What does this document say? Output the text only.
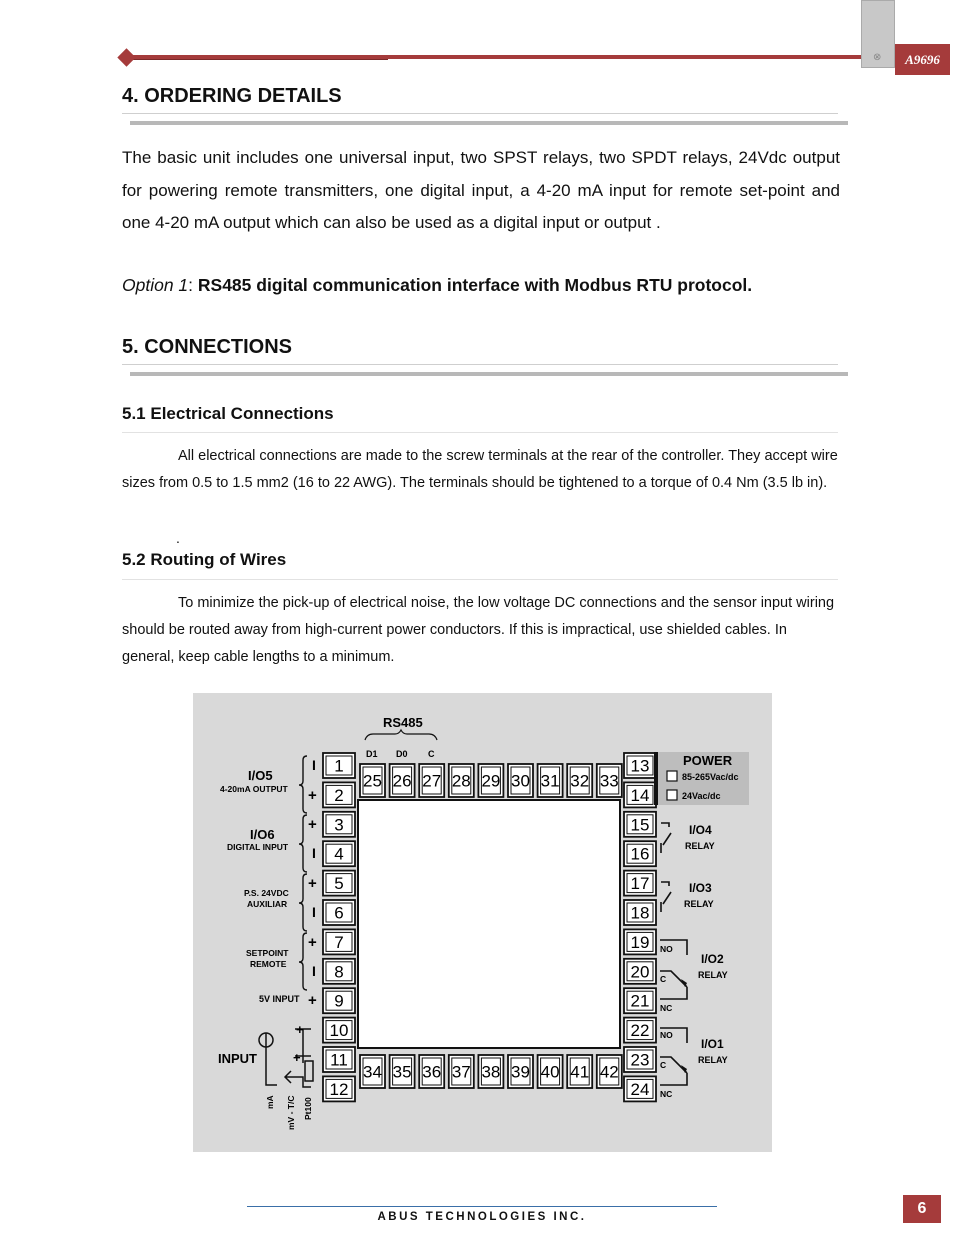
⊗	A9696
4. ORDERING DETAILS
The basic unit includes one universal input, two SPST relays, two SPDT relays, 24Vdc output for powering remote transmitters, one digital input, a 4-20 mA input for remote set-point and one 4-20 mA output which can also be used as a digital input or output .
Option 1: RS485 digital communication interface with Modbus RTU protocol.
5. CONNECTIONS
5.1 Electrical Connections
All electrical connections are made to the screw terminals at the rear of the controller. They accept wire sizes from 0.5 to 1.5 mm2 (16 to 22 AWG). The terminals should be tightened to a torque of 0.4 Nm (3.5 lb in).
.
5.2 Routing of Wires
To minimize the pick-up of electrical noise, the low voltage DC connections and the sensor input wiring should be routed away from high-current power conductors. If this is impractical, use shielded cables. In general, keep cable lengths to a minimum.
RS485
D1 D0 C
1
2
3
4
5
6
7
8
9
10
11
12
25 26 27 28 29 30 31 32 33
34 35 36 37 38 39 40 41 42
13
14
15
16
17
18
19
20
21
22
23
24
POWER
85-265Vac/dc
24Vac/dc
I
+
+
I
+
I
+
I
+
I/O5
4-20mA OUTPUT
I/O6
DIGITAL INPUT
P.S. 24VDC
AUXILIAR
SETPOINT
REMOTE
5V INPUT
INPUT
+
+
mA mV - T/C Pt100
I/O4
RELAY
I/O3
RELAY
NO
C
NC
I/O2
RELAY
NO
C
NC
I/O1
RELAY
ABUS TECHNOLOGIES INC.	6
